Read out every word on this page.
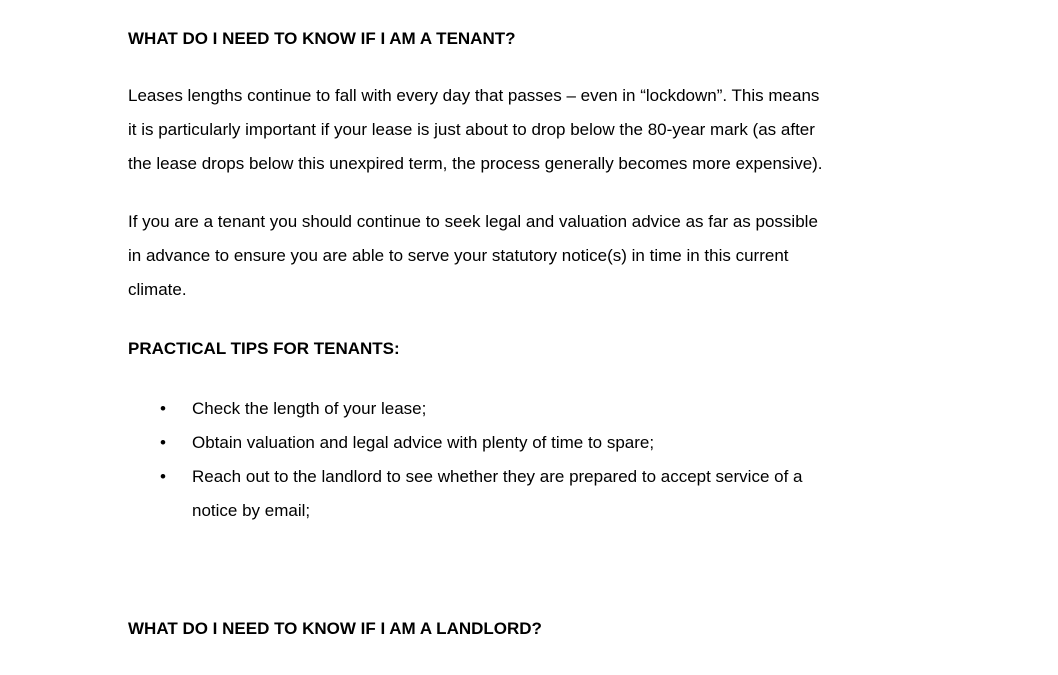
WHAT DO I NEED TO KNOW IF I AM A TENANT?
Leases lengths continue to fall with every day that passes – even in “lockdown”. This means
it is particularly important if your lease is just about to drop below the 80-year mark (as after
the lease drops below this unexpired term, the process generally becomes more expensive).
If you are a tenant you should continue to seek legal and valuation advice as far as possible
in advance to ensure you are able to serve your statutory notice(s) in time in this current
climate.
PRACTICAL TIPS FOR TENANTS:
• Check the length of your lease;
• Obtain valuation and legal advice with plenty of time to spare;
• Reach out to the landlord to see whether they are prepared to accept service of a
notice by email;
WHAT DO I NEED TO KNOW IF I AM A LANDLORD?
